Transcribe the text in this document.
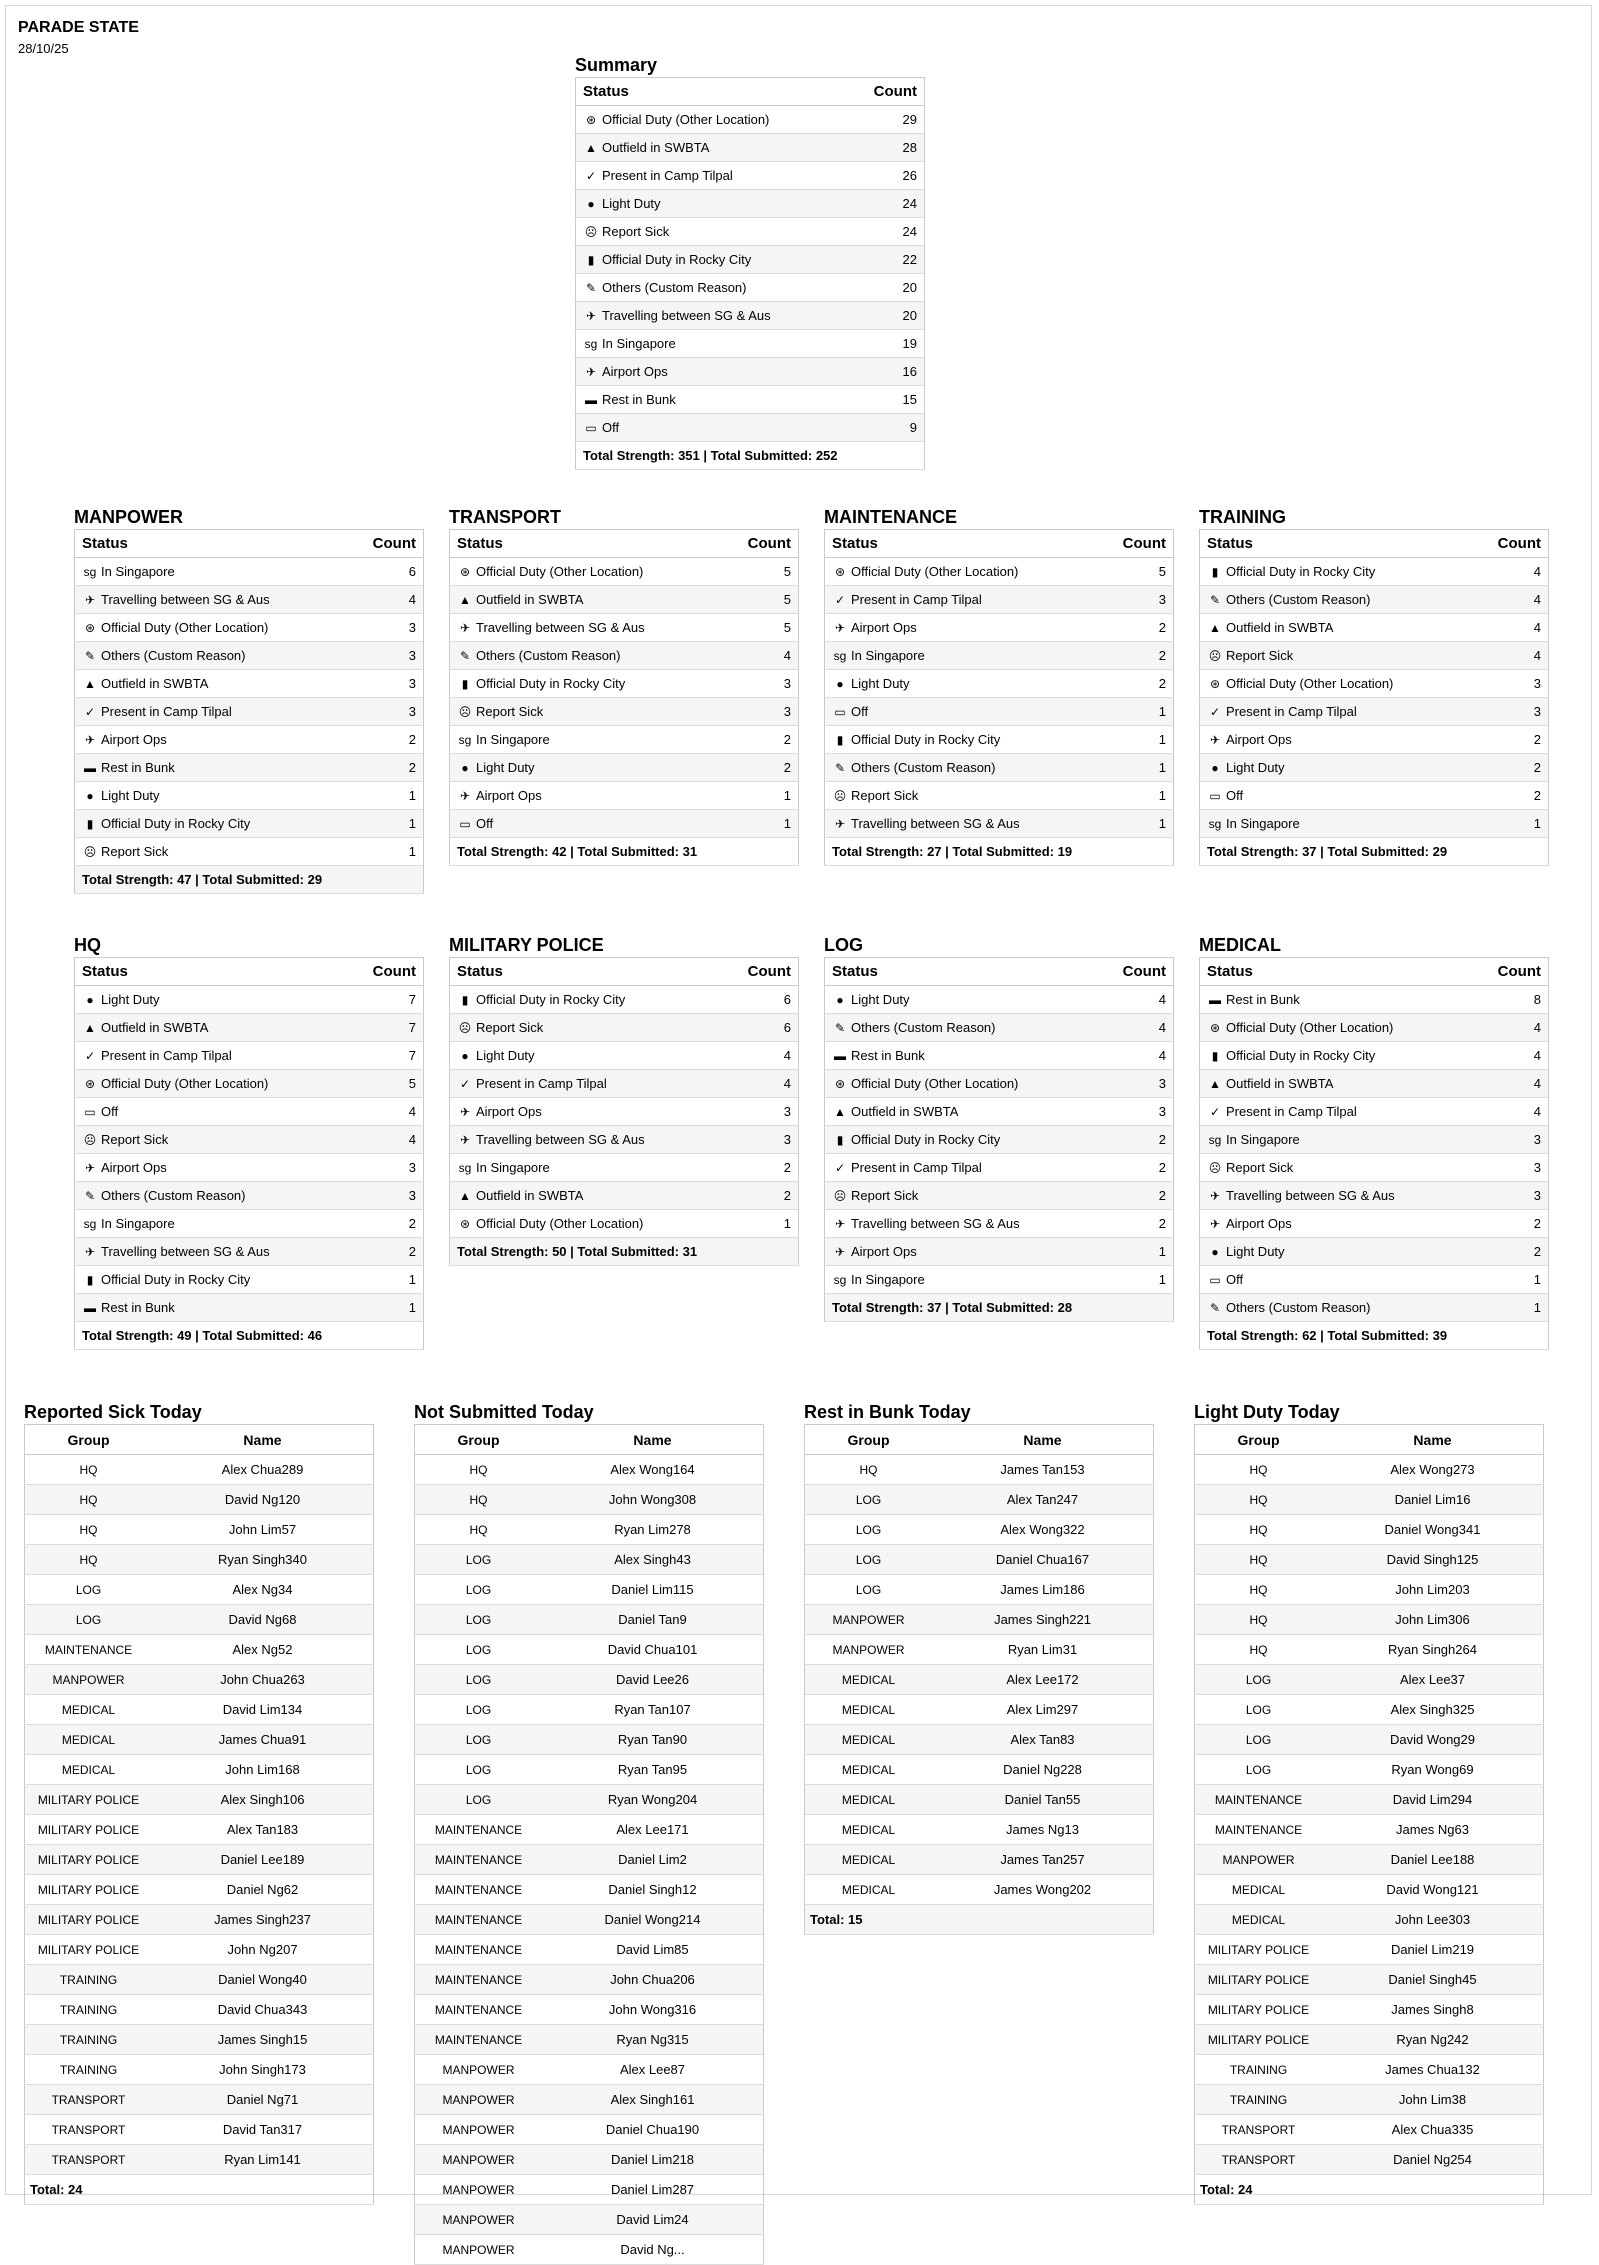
PARADE STATE
28/10/25
Summary
Status	Count
⊛ Official Duty (Other Location)	29
▲ Outfield in SWBTA	28
✓ Present in Camp Tilpal	26
● Light Duty	24
☹ Report Sick	24
▮ Official Duty in Rocky City	22
✎ Others (Custom Reason)	20
✈ Travelling between SG & Aus	20
sg In Singapore	19
✈ Airport Ops	16
▬ Rest in Bunk	15
▭ Off	9
Total Strength: 351 | Total Submitted: 252	
MANPOWER
Status	Count
sg In Singapore	6
✈ Travelling between SG & Aus	4
⊛ Official Duty (Other Location)	3
✎ Others (Custom Reason)	3
▲ Outfield in SWBTA	3
✓ Present in Camp Tilpal	3
✈ Airport Ops	2
▬ Rest in Bunk	2
● Light Duty	1
▮ Official Duty in Rocky City	1
☹ Report Sick	1
Total Strength: 47 | Total Submitted: 29	
TRANSPORT
Status	Count
⊛ Official Duty (Other Location)	5
▲ Outfield in SWBTA	5
✈ Travelling between SG & Aus	5
✎ Others (Custom Reason)	4
▮ Official Duty in Rocky City	3
☹ Report Sick	3
sg In Singapore	2
● Light Duty	2
✈ Airport Ops	1
▭ Off	1
Total Strength: 42 | Total Submitted: 31	
MAINTENANCE
Status	Count
⊛ Official Duty (Other Location)	5
✓ Present in Camp Tilpal	3
✈ Airport Ops	2
sg In Singapore	2
● Light Duty	2
▭ Off	1
▮ Official Duty in Rocky City	1
✎ Others (Custom Reason)	1
☹ Report Sick	1
✈ Travelling between SG & Aus	1
Total Strength: 27 | Total Submitted: 19	
TRAINING
Status	Count
▮ Official Duty in Rocky City	4
✎ Others (Custom Reason)	4
▲ Outfield in SWBTA	4
☹ Report Sick	4
⊛ Official Duty (Other Location)	3
✓ Present in Camp Tilpal	3
✈ Airport Ops	2
● Light Duty	2
▭ Off	2
sg In Singapore	1
Total Strength: 37 | Total Submitted: 29	
HQ
Status	Count
● Light Duty	7
▲ Outfield in SWBTA	7
✓ Present in Camp Tilpal	7
⊛ Official Duty (Other Location)	5
▭ Off	4
☹ Report Sick	4
✈ Airport Ops	3
✎ Others (Custom Reason)	3
sg In Singapore	2
✈ Travelling between SG & Aus	2
▮ Official Duty in Rocky City	1
▬ Rest in Bunk	1
Total Strength: 49 | Total Submitted: 46	
MILITARY POLICE
Status	Count
▮ Official Duty in Rocky City	6
☹ Report Sick	6
● Light Duty	4
✓ Present in Camp Tilpal	4
✈ Airport Ops	3
✈ Travelling between SG & Aus	3
sg In Singapore	2
▲ Outfield in SWBTA	2
⊛ Official Duty (Other Location)	1
Total Strength: 50 | Total Submitted: 31	
LOG
Status	Count
● Light Duty	4
✎ Others (Custom Reason)	4
▬ Rest in Bunk	4
⊛ Official Duty (Other Location)	3
▲ Outfield in SWBTA	3
▮ Official Duty in Rocky City	2
✓ Present in Camp Tilpal	2
☹ Report Sick	2
✈ Travelling between SG & Aus	2
✈ Airport Ops	1
sg In Singapore	1
Total Strength: 37 | Total Submitted: 28	
MEDICAL
Status	Count
▬ Rest in Bunk	8
⊛ Official Duty (Other Location)	4
▮ Official Duty in Rocky City	4
▲ Outfield in SWBTA	4
✓ Present in Camp Tilpal	4
sg In Singapore	3
☹ Report Sick	3
✈ Travelling between SG & Aus	3
✈ Airport Ops	2
● Light Duty	2
▭ Off	1
✎ Others (Custom Reason)	1
Total Strength: 62 | Total Submitted: 39	
Reported Sick Today
Group	Name
HQ	Alex Chua289
HQ	David Ng120
HQ	John Lim57
HQ	Ryan Singh340
LOG	Alex Ng34
LOG	David Ng68
MAINTENANCE	Alex Ng52
MANPOWER	John Chua263
MEDICAL	David Lim134
MEDICAL	James Chua91
MEDICAL	John Lim168
MILITARY POLICE	Alex Singh106
MILITARY POLICE	Alex Tan183
MILITARY POLICE	Daniel Lee189
MILITARY POLICE	Daniel Ng62
MILITARY POLICE	James Singh237
MILITARY POLICE	John Ng207
TRAINING	Daniel Wong40
TRAINING	David Chua343
TRAINING	James Singh15
TRAINING	John Singh173
TRANSPORT	Daniel Ng71
TRANSPORT	David Tan317
TRANSPORT	Ryan Lim141
Total: 24	
Not Submitted Today
Group	Name
HQ	Alex Wong164
HQ	John Wong308
HQ	Ryan Lim278
LOG	Alex Singh43
LOG	Daniel Lim115
LOG	Daniel Tan9
LOG	David Chua101
LOG	David Lee26
LOG	Ryan Tan107
LOG	Ryan Tan90
LOG	Ryan Tan95
LOG	Ryan Wong204
MAINTENANCE	Alex Lee171
MAINTENANCE	Daniel Lim2
MAINTENANCE	Daniel Singh12
MAINTENANCE	Daniel Wong214
MAINTENANCE	David Lim85
MAINTENANCE	John Chua206
MAINTENANCE	John Wong316
MAINTENANCE	Ryan Ng315
MANPOWER	Alex Lee87
MANPOWER	Alex Singh161
MANPOWER	Daniel Chua190
MANPOWER	Daniel Lim218
MANPOWER	Daniel Lim287
MANPOWER	David Lim24
MANPOWER	David Ng...
Rest in Bunk Today
Group	Name
HQ	James Tan153
LOG	Alex Tan247
LOG	Alex Wong322
LOG	Daniel Chua167
LOG	James Lim186
MANPOWER	James Singh221
MANPOWER	Ryan Lim31
MEDICAL	Alex Lee172
MEDICAL	Alex Lim297
MEDICAL	Alex Tan83
MEDICAL	Daniel Ng228
MEDICAL	Daniel Tan55
MEDICAL	James Ng13
MEDICAL	James Tan257
MEDICAL	James Wong202
Total: 15	
Light Duty Today
Group	Name
HQ	Alex Wong273
HQ	Daniel Lim16
HQ	Daniel Wong341
HQ	David Singh125
HQ	John Lim203
HQ	John Lim306
HQ	Ryan Singh264
LOG	Alex Lee37
LOG	Alex Singh325
LOG	David Wong29
LOG	Ryan Wong69
MAINTENANCE	David Lim294
MAINTENANCE	James Ng63
MANPOWER	Daniel Lee188
MEDICAL	David Wong121
MEDICAL	John Lee303
MILITARY POLICE	Daniel Lim219
MILITARY POLICE	Daniel Singh45
MILITARY POLICE	James Singh8
MILITARY POLICE	Ryan Ng242
TRAINING	James Chua132
TRAINING	John Lim38
TRANSPORT	Alex Chua335
TRANSPORT	Daniel Ng254
Total: 24	
